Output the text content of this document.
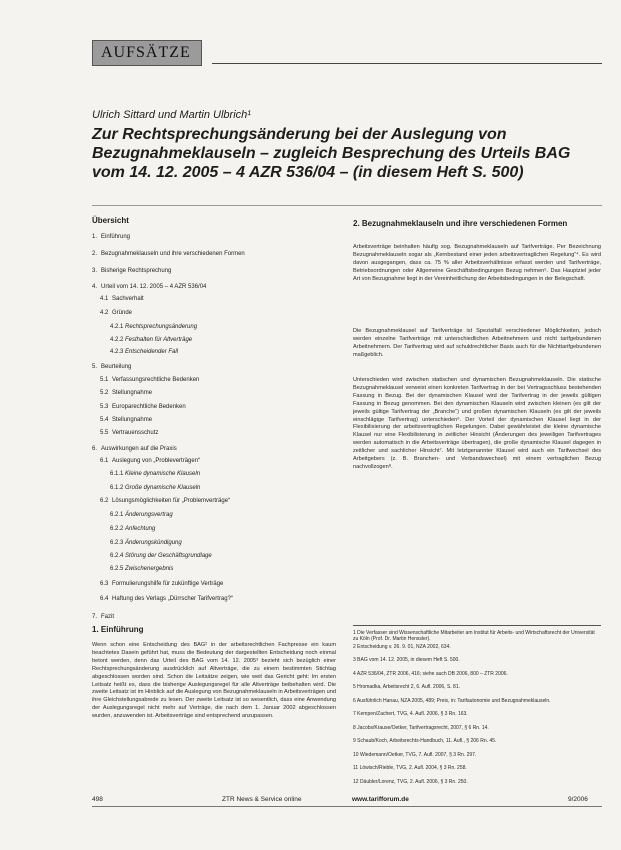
AUFSÄTZE
Ulrich Sittard und Martin Ulbrich¹
Zur Rechtsprechungsänderung bei der Auslegung von Bezugnahmeklauseln – zugleich Besprechung des Urteils BAG vom 14. 12. 2005 – 4 AZR 536/04 – (in diesem Heft S. 500)
Übersicht
1. Einführung
2. Bezugnahmeklauseln und ihre verschiedenen Formen
3. Bisherige Rechtsprechung
4. Urteil vom 14. 12. 2005 – 4 AZR 536/04
4.1 Sachverhalt
4.2 Gründe
4.2.1 Rechtsprechungsänderung
4.2.2 Festhalten für Altverträge
4.2.3 Entscheidender Fall
5. Beurteilung
5.1 Verfassungsrechtliche Bedenken
5.2 Stellungnahme
5.3 Europarechtliche Bedenken
5.4 Stellungnahme
5.5 Vertrauensschutz
6. Auswirkungen auf die Praxis
6.1 Auslegung von „Probleverträgen“
6.1.1 Kleine dynamische Klauseln
6.1.2 Große dynamische Klauseln
6.2 Lösungsmöglichkeiten für „Problemverträge“
6.2.1 Änderungsvertrag
6.2.2 Anfechtung
6.2.3 Änderungskündigung
6.2.4 Störung der Geschäftsgrundlage
6.2.5 Zwischenergebnis
6.3 Formulierungshilfe für zukünftige Verträge
6.4 Haftung des Verlags „Dürrscher Tarifvertrag?“
7. Fazit
1. Einführung
Wenn schon eine Entscheidung des BAG² in der arbeitsrechtlichen Fachpresse ein kaum beachtetes Dasein geführt hat, muss die Bedeutung der dargestellten Entscheidung noch einmal betont werden, denn das Urteil des BAG vom 14. 12. 2005³ bezieht sich bezüglich einer Rechtsprechungsänderung ausdrücklich auf Altverträge, die zu einem bestimmten Stichtag abgeschlossen worden sind. Schon die Leitsätze zeigen, wie weit das Gericht geht: Im ersten Leitsatz heißt es, dass die bisherige Auslegungsregel für alle Altverträge beibehalten wird. Die zweite Leitsatz ist im Hinblick auf die Auslegung von Bezugnahmeklauseln in Arbeitsverträgen und ihre Gleichstellungsabrede zu lesen. Der zweite Leitsatz ist so wesentlich, dass eine Anwendung der Auslegungsregel nicht mehr auf Verträge, die nach dem 1. Januar 2002 abgeschlossen wurden, anzuwenden ist. Arbeitsverträge sind entsprechend anzupassen.
2. Bezugnahmeklauseln und ihre verschiedenen Formen
Arbeitsverträge beinhalten häufig sog. Bezugnahmeklauseln auf Tarifverträge. Per Bezeichnung Bezugnahmeklauseln sogar als „Kernbestand einer jeden arbeitsvertraglichen Regelung“⁴. Es wird davon ausgegangen, dass ca. 75 % aller Arbeitsverhältnisse erfasst werden und Tarifverträge, Betriebsordnungen oder Allgemeine Geschäftsbedingungen Bezug nehmen⁵. Das Hauptziel jeder Art von Bezugnahme liegt in der Vereinheitlichung der Arbeitsbedingungen in der Belegschaft.
Die Bezugnahmeklausel auf Tarifverträge ist Spezialfall verschiedener Möglichkeiten, jedoch werden einzelne Tarifverträge mit unterschiedlichen Arbeitnehmern und nicht tarifgebundenen Arbeitnehmern. Der Tarifvertrag wird auf schuldrechtlicher Basis auch für die Nichttarifgebundenen maßgeblich.
Unterschieden wird zwischen statischen und dynamischen Bezugnahmeklauseln. Die statische Bezugnahmeklausel verweist einen konkreten Tarifvertrag in der bei Vertragsschluss bestehenden Fassung in Bezug. Bei der dynamischen Klausel wird der Tarifvertrag in der jeweils gültigen Fassung in Bezug genommen. Bei den dynamischen Klauseln wird zwischen kleinen (es gilt der jeweils gültige Tarifvertrag der „Branche“) und großen dynamischen Klauseln (es gilt der jeweils einschlägige Tarifvertrag) unterschieden⁶. Der Vorteil der dynamischen Klausel liegt in der Flexibilisierung der arbeitsvertraglichen Regelungen. Dabei gewährleistet die kleine dynamische Klausel nur eine Flexibilisierung in zeitlicher Hinsicht (Änderungen des jeweiligen Tarifvertrages werden automatisch in die Arbeitsverträge übertragen), die große dynamische Klausel dagegen in zeitlicher und sachlicher Hinsicht⁷. Mit letztgenannter Klausel wird auch ein Tarifwechsel des Arbeitgebers (z. B. Branchen- und Verbandswechsel) mit einem vertraglichen Bezug nachvollzogen⁸.
1 Die Verfasser sind Wissenschaftliche Mitarbeiter am Institut für Arbeits- und Wirtschaftsrecht der Universität zu Köln (Prof. Dr. Martin Henssler).
2 Entscheidung v. 26. 9. 01, NZA 2002, 634.
3 BAG vom 14. 12. 2005, in diesem Heft S. 500.
4 AZR 536/04, ZTR 2006, 416; siehe auch DB 2006, 800 – ZTR 2006.
5 Hromadka, Arbeitsrecht 2, 6. Aufl. 2006, S. 81.
6 Ausführlich Hanau, NZA 2005, 489; Preis, in: Tarifautonomie und Bezugnahmeklauseln.
7 Kempen/Zachert, TVG, 4. Aufl. 2006, § 3 Rn. 163.
8 Jacobs/Krause/Oetker, Tarifvertragsrecht, 2007, § 6 Rn. 14.
9 Schaub/Koch, Arbeitsrechts-Handbuch, 11. Aufl., § 206 Rn. 45.
10 Wiedemann/Oetker, TVG, 7. Aufl. 2007, § 3 Rn. 297.
11 Löwisch/Rieble, TVG, 2. Aufl. 2004, § 3 Rn. 258.
12 Däubler/Lorenz, TVG, 2. Aufl. 2006, § 3 Rn. 250.
498	ZTR News & Service online	www.tarifforum.de	9/2006
